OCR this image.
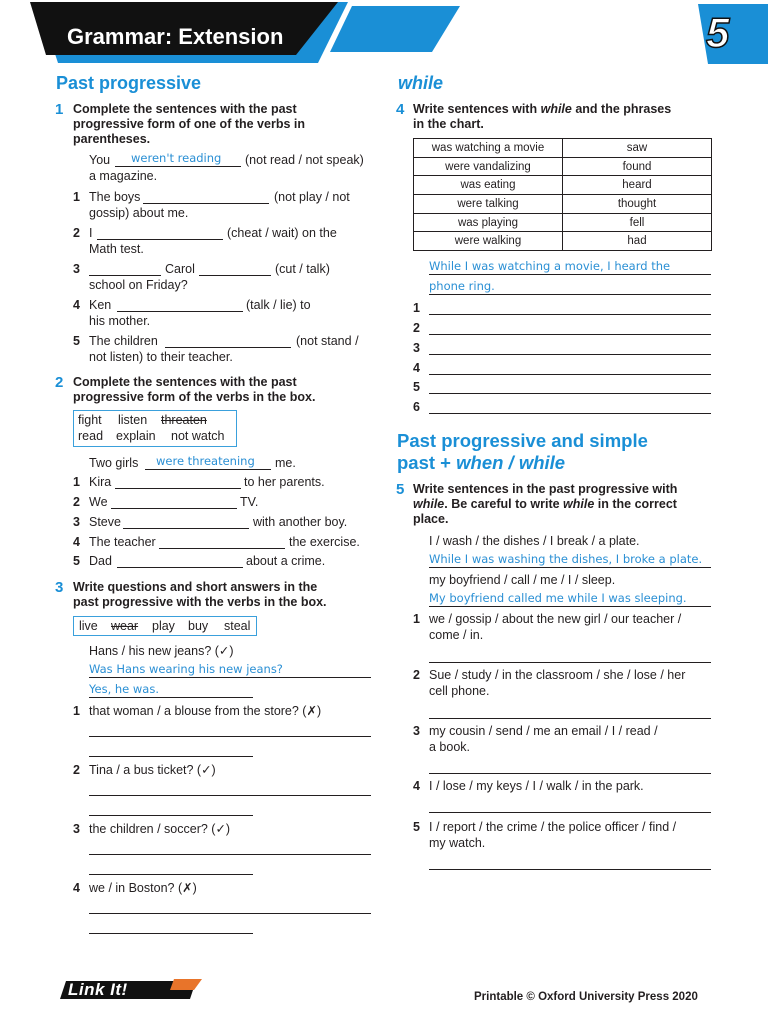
Grammar: Extension	5
Past progressive
1 Complete the sentences with the past
progressive form of one of the verbs in
parentheses.
You weren't reading (not read / not speak)
a magazine.
1 The boys	(not play / not
gossip) about me.
2 I	(cheat / wait) on the
Math test.
3	Carol	(cut / talk)
school on Friday?
4 Ken	(talk / lie) to
his mother.
5 The children	(not stand /
not listen) to their teacher.
2 Complete the sentences with the past
progressive form of the verbs in the box.
fight listen threaten
read explain not watch
Two girls were threatening me.
1 Kira	to her parents.
2 We	TV.
3 Steve	with another boy.
4 The teacher	the exercise.
5 Dad	about a crime.
3 Write questions and short answers in the
past progressive with the verbs in the box.
live wear play buy steal
Hans / his new jeans? (✓)
Was Hans wearing his new jeans?
Yes, he was.
1 that woman / a blouse from the store? (✗)
2 Tina / a bus ticket? (✓)
3 the children / soccer? (✓)
4 we / in Boston? (✗)
while
4 Write sentences with while and the phrases
in the chart.
was watching a movie	saw
were vandalizing	found
was eating	heard
were talking	thought
was playing	fell
were walking	had
While I was watching a movie, I heard the
phone ring.
1
2
3
4
5
6
Past progressive and simple
past + when / while
5 Write sentences in the past progressive with
while. Be careful to write while in the correct
place.
I / wash / the dishes / I break / a plate.
While I was washing the dishes, I broke a plate.
my boyfriend / call / me / I / sleep.
My boyfriend called me while I was sleeping.
1 we / gossip / about the new girl / our teacher /
come / in.
2 Sue / study / in the classroom / she / lose / her
cell phone.
3 my cousin / send / me an email / I / read /
a book.
4 I / lose / my keys / I / walk / in the park.
5 I / report / the crime / the police officer / find /
my watch.
Link It!	Printable © Oxford University Press 2020
